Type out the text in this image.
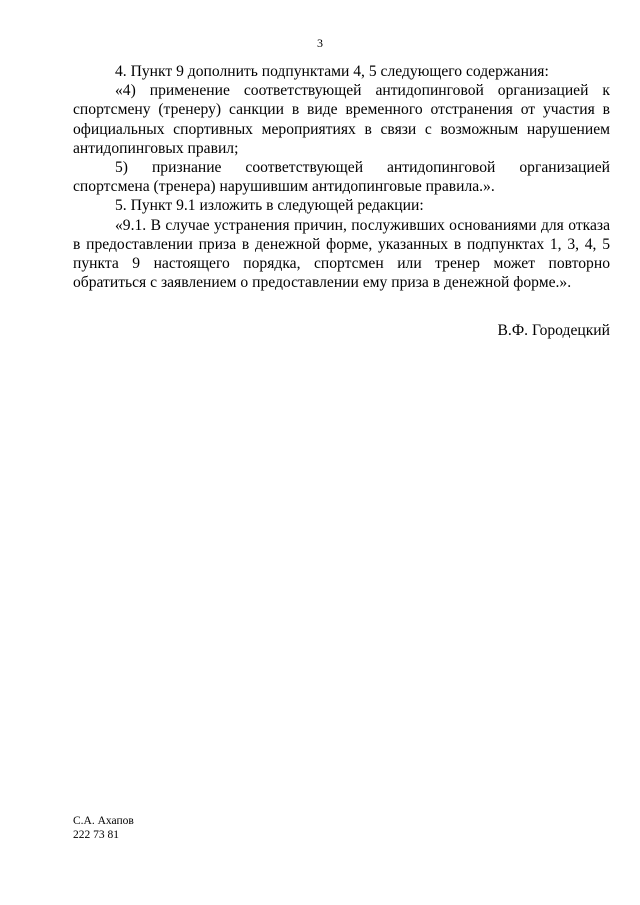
3

4. Пункт 9 дополнить подпунктами 4, 5 следующего содержания:

«4) применение соответствующей антидопинговой организацией к спортсмену (тренеру) санкции в виде временного отстранения от участия в официальных спортивных мероприятиях в связи с возможным нарушением антидопинговых правил;

5) признание соответствующей антидопинговой организацией спортсмена (тренера) нарушившим антидопинговые правила.».

5. Пункт 9.1 изложить в следующей редакции:

«9.1. В случае устранения причин, послуживших основаниями для отказа в предоставлении приза в денежной форме, указанных в подпунктах 1, 3, 4, 5 пункта 9 настоящего порядка, спортсмен или тренер может повторно обратиться с заявлением о предоставлении ему приза в денежной форме.».

В.Ф. Городецкий
С.А. Ахапов
222 73 81
